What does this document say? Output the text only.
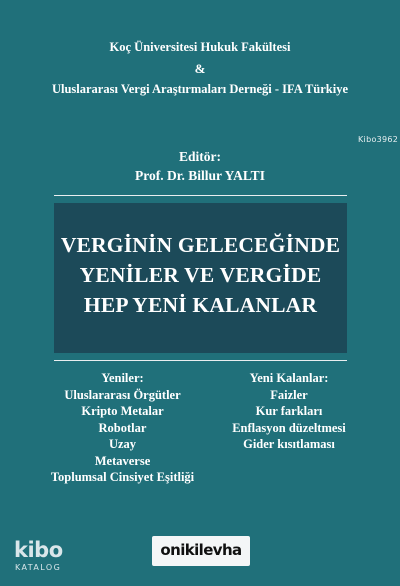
Koç Üniversitesi Hukuk Fakültesi
&
Uluslararası Vergi Araştırmaları Derneği - IFA Türkiye
Kibo3962
Editör:
Prof. Dr. Billur YALTI
VERGİNİN GELECEĞİNDE
YENİLER VE VERGİDE
HEP YENİ KALANLAR
Yeniler:
Uluslararası Örgütler
Kripto Metalar
Robotlar
Uzay
Metaverse
Toplumsal Cinsiyet Eşitliği
Yeni Kalanlar:
Faizler
Kur farkları
Enflasyon düzeltmesi
Gider kısıtlaması
kibo
KATALOG
onikilevha
